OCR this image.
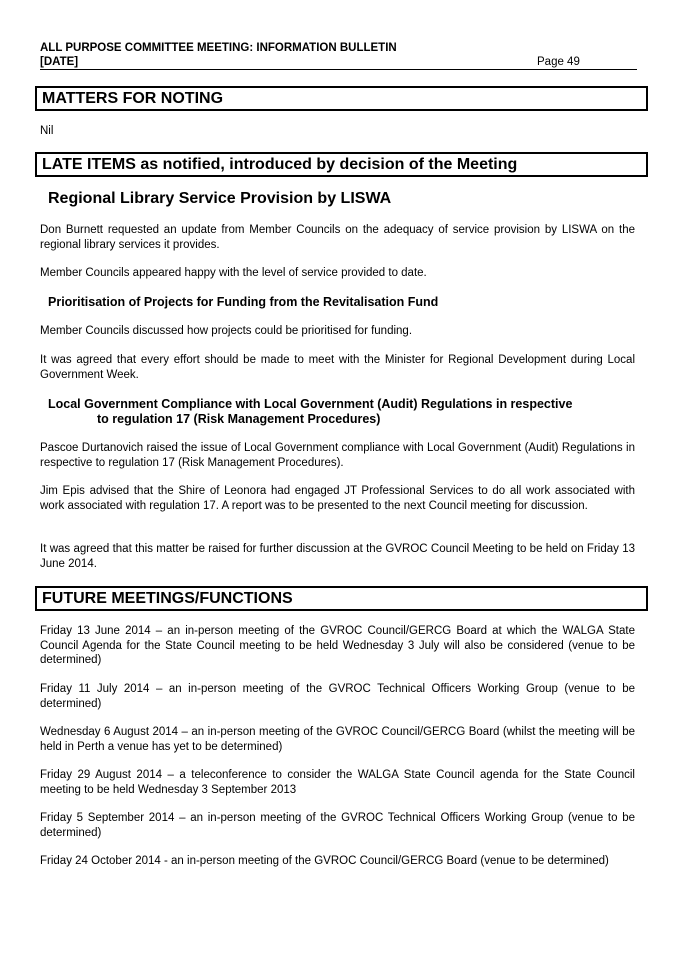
ALL PURPOSE COMMITTEE MEETING: INFORMATION BULLETIN
[DATE]	Page 49
MATTERS FOR NOTING

Nil

LATE ITEMS as notified, introduced by decision of the Meeting
Regional Library Service Provision by LISWA

Don Burnett requested an update from Member Councils on the adequacy of service provision by LISWA on the regional library services it provides.

Member Councils appeared happy with the level of service provided to date.

Prioritisation of Projects for Funding from the Revitalisation Fund

Member Councils discussed how projects could be prioritised for funding.

It was agreed that every effort should be made to meet with the Minister for Regional Development during Local Government Week.

Local Government Compliance with Local Government (Audit) Regulations in respective
to regulation 17 (Risk Management Procedures)

Pascoe Durtanovich raised the issue of Local Government compliance with Local Government (Audit) Regulations in respective to regulation 17 (Risk Management Procedures).

Jim Epis advised that the Shire of Leonora had engaged JT Professional Services to do all work associated with work associated with regulation 17. A report was to be presented to the next Council meeting for discussion.

It was agreed that this matter be raised for further discussion at the GVROC Council Meeting to be held on Friday 13 June 2014.

FUTURE MEETINGS/FUNCTIONS

Friday 13 June 2014 – an in-person meeting of the GVROC Council/GERCG Board at which the WALGA State Council Agenda for the State Council meeting to be held Wednesday 3 July will also be considered (venue to be determined)

Friday 11 July 2014 – an in-person meeting of the GVROC Technical Officers Working Group (venue to be determined)

Wednesday 6 August 2014 – an in-person meeting of the GVROC Council/GERCG Board (whilst the meeting will be held in Perth a venue has yet to be determined)

Friday 29 August 2014 – a teleconference to consider the WALGA State Council agenda for the State Council meeting to be held Wednesday 3 September 2013

Friday 5 September 2014 – an in-person meeting of the GVROC Technical Officers Working Group (venue to be determined)

Friday 24 October 2014 - an in-person meeting of the GVROC Council/GERCG Board (venue to be determined)
